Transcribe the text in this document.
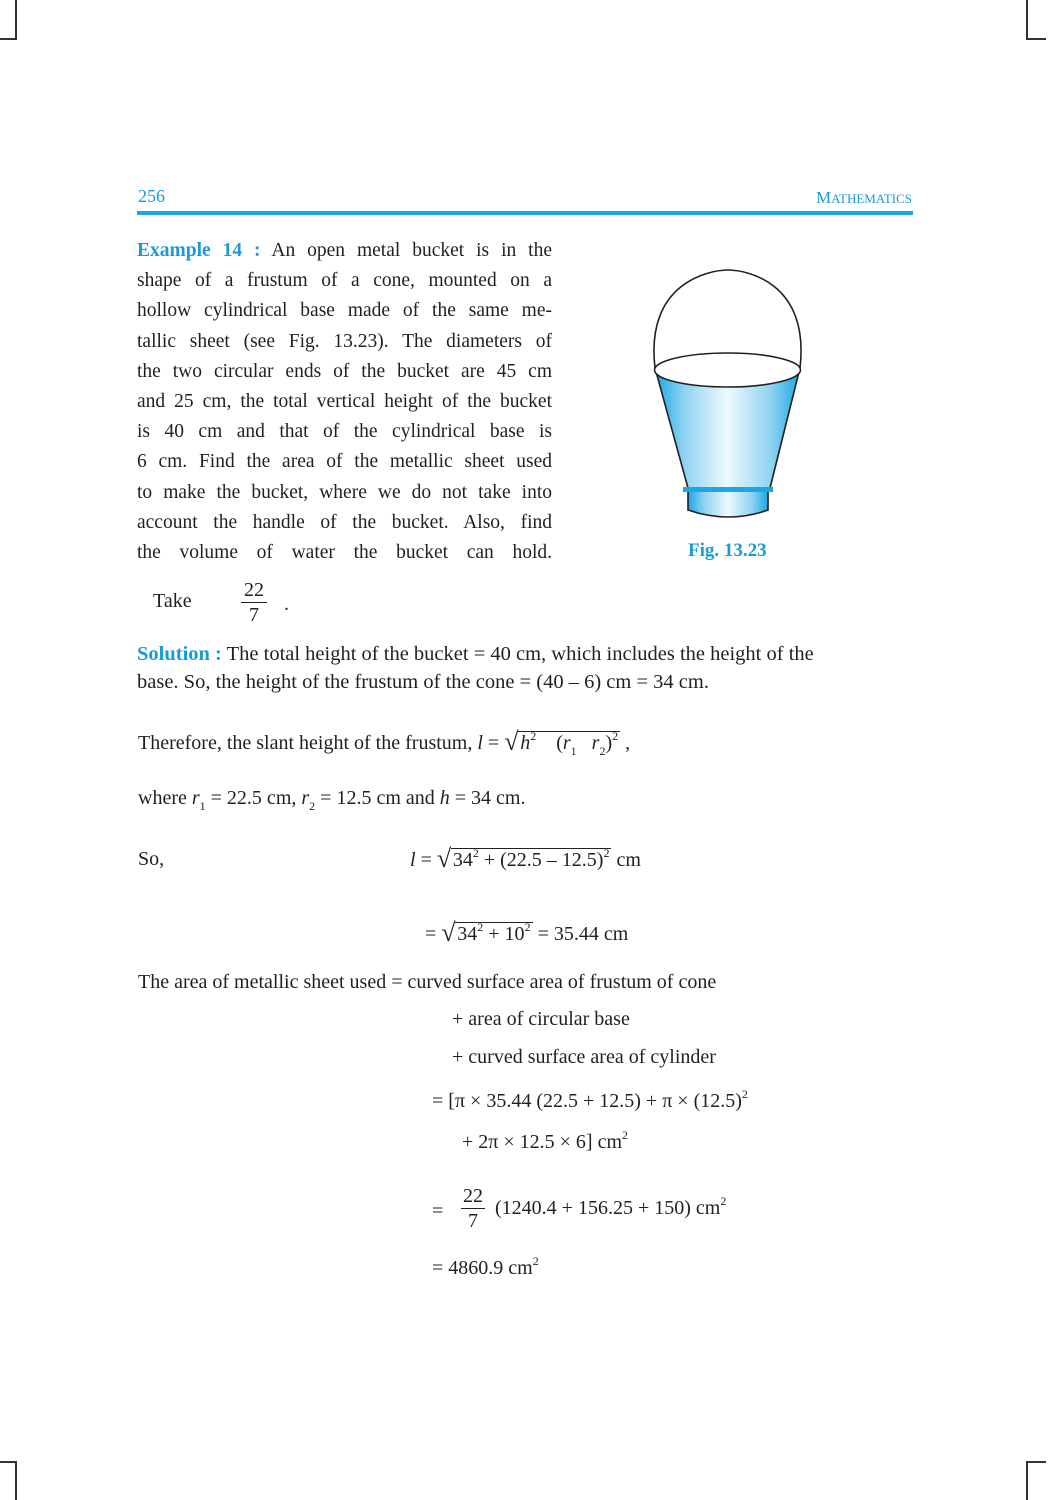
256	MATHEMATICS
Example 14 : An open metal bucket is in the
shape of a frustum of a cone, mounted on a
hollow cylindrical base made of the same me-
tallic sheet (see Fig. 13.23). The diameters of
the two circular ends of the bucket are 45 cm
and 25 cm, the total vertical height of the bucket
is 40 cm and that of the cylindrical base is
6 cm. Find the area of the metallic sheet used
to make the bucket, where we do not take into
account the handle of the bucket. Also, find
the volume of water the bucket can hold.	Fig. 13.23
Take $\frac{22}{7}$ .
Solution : The total height of the bucket = 40 cm, which includes the height of the
base. So, the height of the frustum of the cone = (40 – 6) cm = 34 cm.
Therefore, the slant height of the frustum, l = √ $h^2$    ($r_1$ $r_2)^2$ ,
where $r_1 = 22.5$ cm, $r_2 = 12.5$ cm and h = 34 cm.
So,	l = √ $34^2 + (22.5 - 12.5)^2$ cm
= √ $34^2 + 10^2 = 35.44$ cm
The area of metallic sheet used = curved surface area of frustum of cone
+ area of circular base
+ curved surface area of cylinder
= [π × 35.44 $(22.5 + 12.5) + \pi \times (12.5)^2$
+ 2π × 12.5 × 6] $cm^2$
= $\frac{22}{7} (1240.4 + 156.25 + 150)$ $cm^2$
= 4860.9 $cm^2$
